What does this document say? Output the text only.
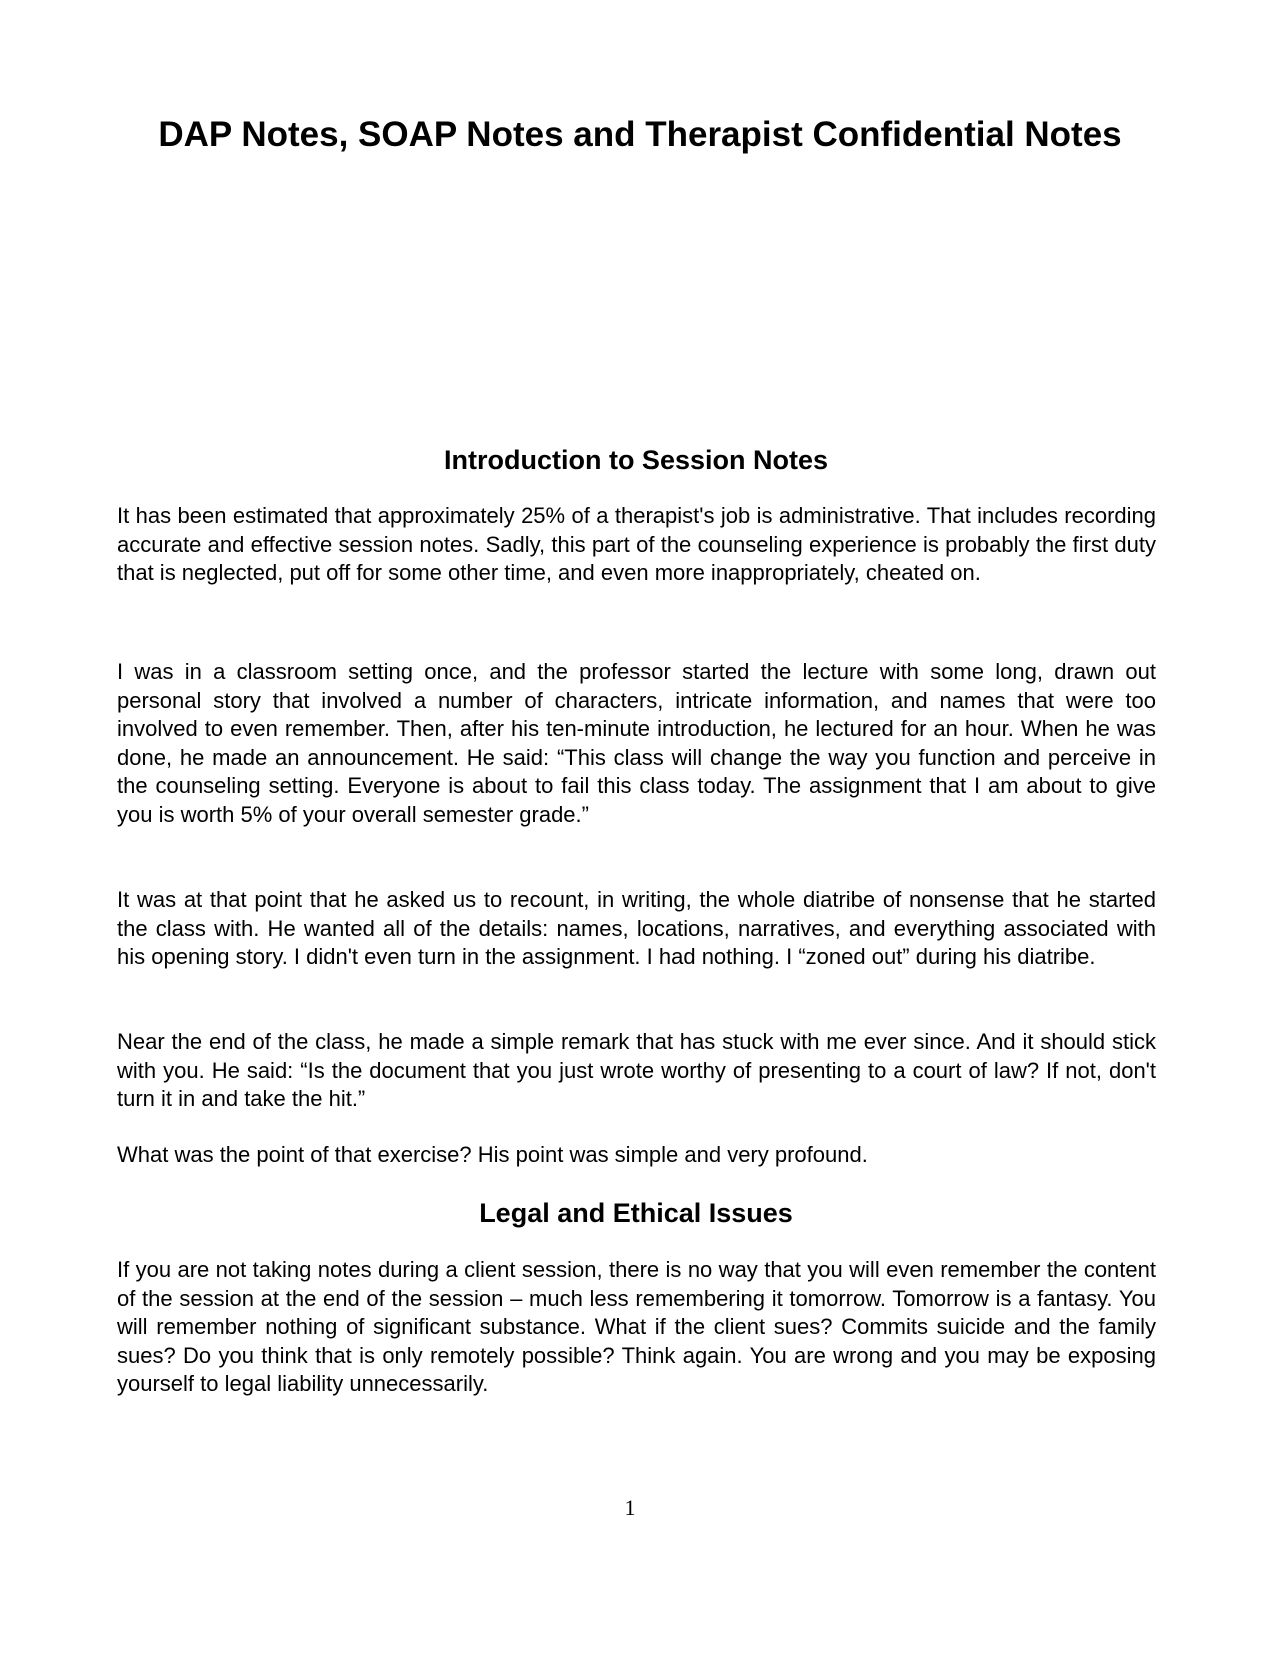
DAP Notes, SOAP Notes and Therapist Confidential Notes
Introduction to Session Notes

It has been estimated that approximately 25% of a therapist's job is administrative. That includes recording accurate and effective session notes. Sadly, this part of the counseling experience is probably the first duty that is neglected, put off for some other time, and even more inappropriately, cheated on.

I was in a classroom setting once, and the professor started the lecture with some long, drawn out personal story that involved a number of characters, intricate information, and names that were too involved to even remember. Then, after his ten-minute introduction, he lectured for an hour. When he was done, he made an announcement. He said: “This class will change the way you function and perceive in the counseling setting. Everyone is about to fail this class today. The assignment that I am about to give you is worth 5% of your overall semester grade.”

It was at that point that he asked us to recount, in writing, the whole diatribe of nonsense that he started the class with. He wanted all of the details: names, locations, narratives, and everything associated with his opening story. I didn't even turn in the assignment. I had nothing. I “zoned out” during his diatribe.

Near the end of the class, he made a simple remark that has stuck with me ever since. And it should stick with you. He said: “Is the document that you just wrote worthy of presenting to a court of law? If not, don't turn it in and take the hit.”

What was the point of that exercise? His point was simple and very profound.

Legal and Ethical Issues

If you are not taking notes during a client session, there is no way that you will even remember the content of the session at the end of the session – much less remembering it tomorrow. Tomorrow is a fantasy. You will remember nothing of significant substance. What if the client sues? Commits suicide and the family sues? Do you think that is only remotely possible? Think again. You are wrong and you may be exposing yourself to legal liability unnecessarily.

1
